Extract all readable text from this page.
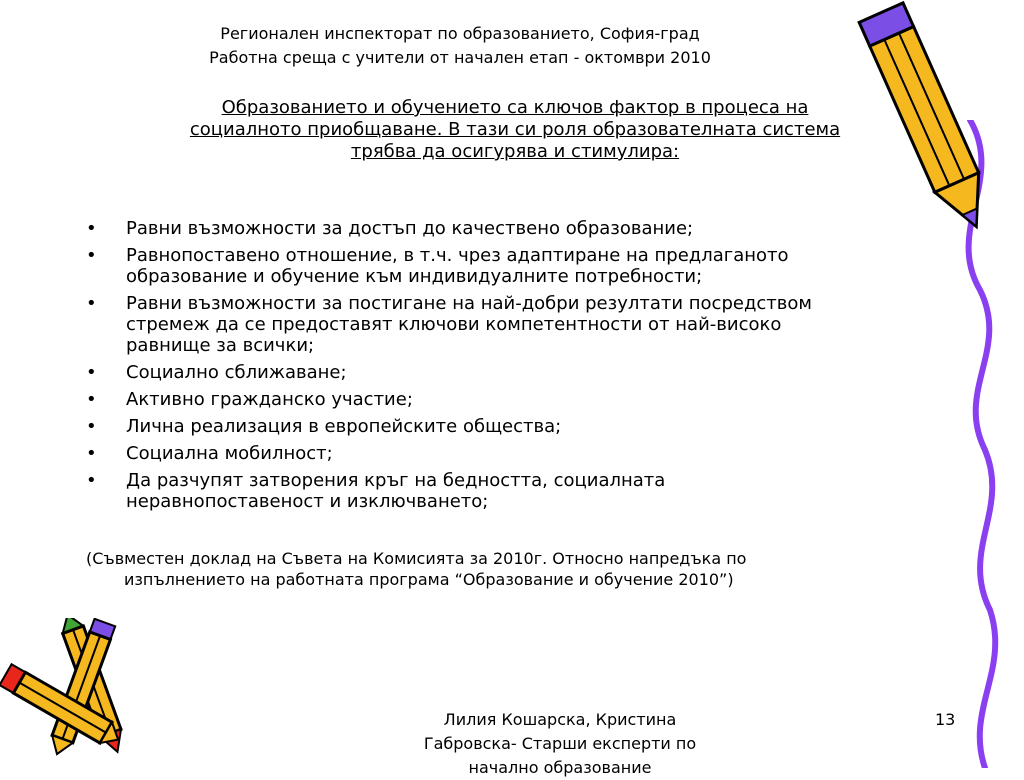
Регионален инспекторат по образованието, София-град
Работна среща с учители от начален етап - октомври 2010
Образованието и обучението са ключов фактор в процеса на
социалното приобщаване. В тази си роля образователната система
трябва да осигурява и стимулира:
• Равни възможности за достъп до качествено образование;
• Равнопоставено отношение, в т.ч. чрез адаптиране на предлаганото
образование и обучение към индивидуалните потребности;
• Равни възможности за постигане на най-добри резултати посредством
стремеж да се предоставят ключови компетентности от най-високо
равнище за всички;
• Социално сближаване;
• Активно гражданско участие;
• Лична реализация в европейските общества;
• Социална мобилност;
• Да разчупят затворения кръг на бедността, социалната
неравнопоставеност и изключването;
(Съвместен доклад на Съвета на Комисията за 2010г. Относно напредъка по
изпълнението на работната програма “Образование и обучение 2010”)
Лилия Кошарска, Кристина
Габровска- Старши експерти по
начално образование
13
